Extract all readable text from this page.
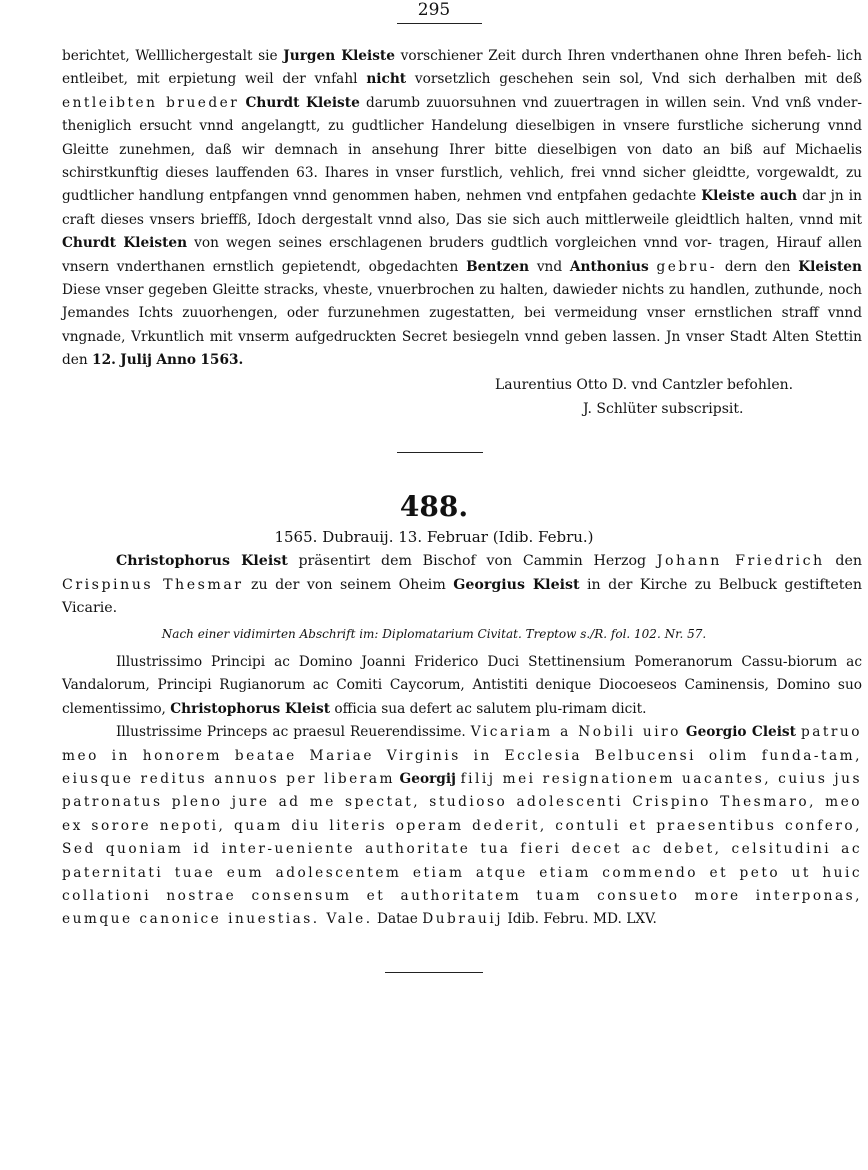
295

berichtet, Welllichergestalt sie Jurgen Kleiste vorschiener Zeit durch Ihren vnderthanen ohne Ihren befeh- lich entleibet, mit erpietung weil der vnfahl nicht vorsetzlich geschehen sein sol, Vnd sich derhalben mit deß entleibten brueder Churdt Kleiste darumb zuuorsuhnen vnd zuuertragen in willen sein. Vnd vnß vnder- theniglich ersucht vnnd angelangtt, zu gudtlicher Handelung dieselbigen in vnsere furstliche sicherung vnnd Gleitte zunehmen, daß wir demnach in ansehung Ihrer bitte dieselbigen von dato an biß auf Michaelis schirstkunftig dieses lauffenden 63. Ihares in vnser furstlich, vehlich, frei vnnd sicher gleidtte, vorgewaldt, zu gudtlicher handlung entpfangen vnnd genommen haben, nehmen vnd entpfahen gedachte Kleiste auch dar jn in craft dieses vnsers brieffß, Idoch dergestalt vnnd also, Das sie sich auch mittlerweile gleidtlich halten, vnnd mit Churdt Kleisten von wegen seines erschlagenen bruders gudtlich vorgleichen vnnd vor- tragen, Hirauf allen vnsern vnderthanen ernstlich gepietendt, obgedachten Bentzen vnd Anthonius gebru- dern den Kleisten Diese vnser gegeben Gleitte stracks, vheste, vnuerbrochen zu halten, dawieder nichts zu handlen, zuthunde, noch Jemandes Ichts zuuorhengen, oder furzunehmen zugestatten, bei vermeidung vnser ernstlichen straff vnnd vngnade, Vrkuntlich mit vnserm aufgedruckten Secret besiegeln vnnd geben lassen. Jn vnser Stadt Alten Stettin den 12. Julij Anno 1563.

Laurentius Otto D. vnd Cantzler befohlen.
J. Schlüter subscripsit.
488.
1565. Dubrauij. 13. Februar (Idib. Febru.)
Christophorus Kleist präsentirt dem Bischof von Cammin Herzog Johann Friedrich den Crispinus Thesmar zu der von seinem Oheim Georgius Kleist in der Kirche zu Belbuck gestifteten Vicarie.
Nach einer vidimirten Abschrift im: Diplomatarium Civitat. Treptow s./R. fol. 102. Nr. 57.

Illustrissimo Principi ac Domino Joanni Friderico Duci Stettinensium Pomeranorum Cassu-biorum ac Vandalorum, Principi Rugianorum ac Comiti Caycorum, Antistiti denique Diocoeseos Caminensis, Domino suo clementissimo, Christophorus Kleist officia sua defert ac salutem plu-rimam dicit.

Illustrissime Princeps ac praesul Reuerendissime. Vicariam a Nobili uiro Georgio Cleist patruo meo in honorem beatae Mariae Virginis in Ecclesia Belbucensi olim funda-tam, eiusque reditus annuos per liberam Georgij filij mei resignationem uacantes, cuius jus patronatus pleno jure ad me spectat, studioso adolescenti Crispino Thesmaro, meo ex sorore nepoti, quam diu literis operam dederit, contuli et praesentibus confero, Sed quoniam id inter-ueniente authoritate tua fieri decet ac debet, celsitudini ac paternitati tuae eum adolescentem etiam atque etiam commendo et peto ut huic collationi nostrae consensum et authoritatem tuam consueto more interponas, eumque canonice inuestias. Vale. Datae Dubrauij Idib. Febru. MD. LXV.
